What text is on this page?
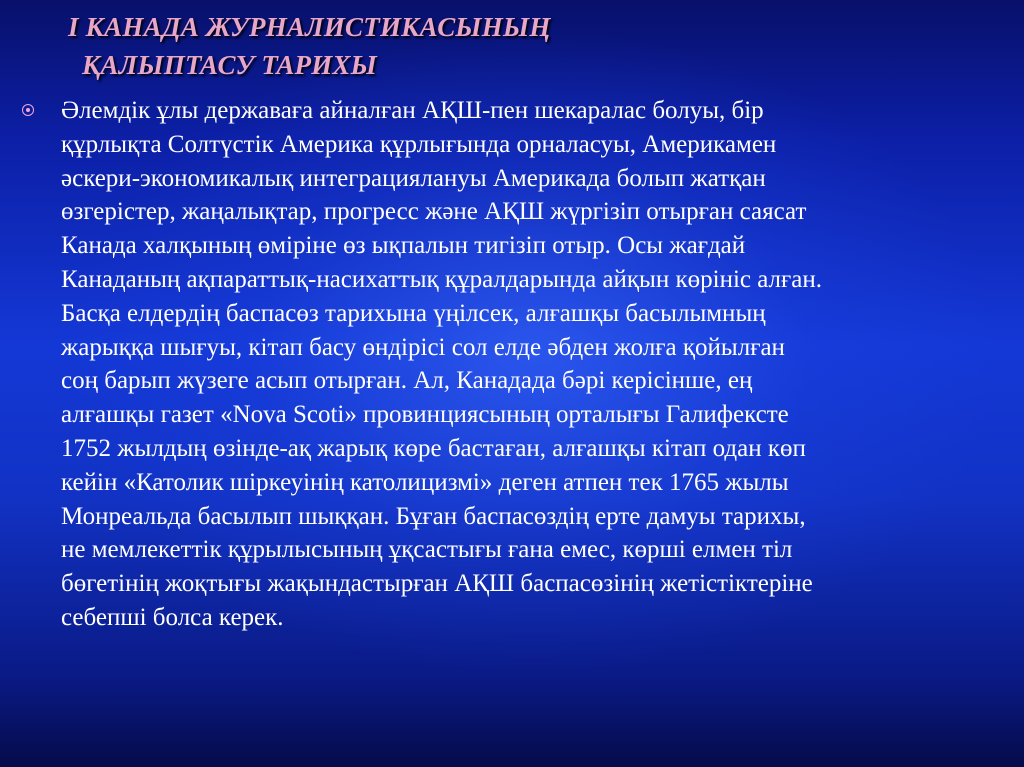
I КАНАДА ЖУРНАЛИСТИКАСЫНЫҢ
ҚАЛЫПТАСУ ТАРИХЫ

Әлемдік ұлы державаға айналған АҚШ-пен шекаралас болуы, бір
құрлықта Солтүстік Америка құрлығында орналасуы, Америкамен
әскери-экономикалық интеграциялануы Америкада болып жатқан
өзгерістер, жаңалықтар, прогресс және АҚШ жүргізіп отырған саясат
Канада халқының өміріне өз ықпалын тигізіп отыр. Осы жағдай
Канаданың ақпараттық-насихаттық құралдарында айқын көрініс алған.
Басқа елдердің баспасөз тарихына үңілсек, алғашқы басылымның
жарыққа шығуы, кітап басу өндірісі сол елде әбден жолға қойылған
соң барып жүзеге асып отырған. Ал, Канадада бәрі керісінше, ең
алғашқы газет «Nova Scoti» провинциясының орталығы Галифексте
1752 жылдың өзінде-ақ жарық көре бастаған, алғашқы кітап одан көп
кейін «Католик шіркеуінің католицизмі» деген атпен тек 1765 жылы
Монреальда басылып шыққан. Бұған баспасөздің ерте дамуы тарихы,
не мемлекеттік құрылысының ұқсастығы ғана емес, көрші елмен тіл
бөгетінің жоқтығы жақындастырған АҚШ баспасөзінің жетістіктеріне
себепші болса керек.
